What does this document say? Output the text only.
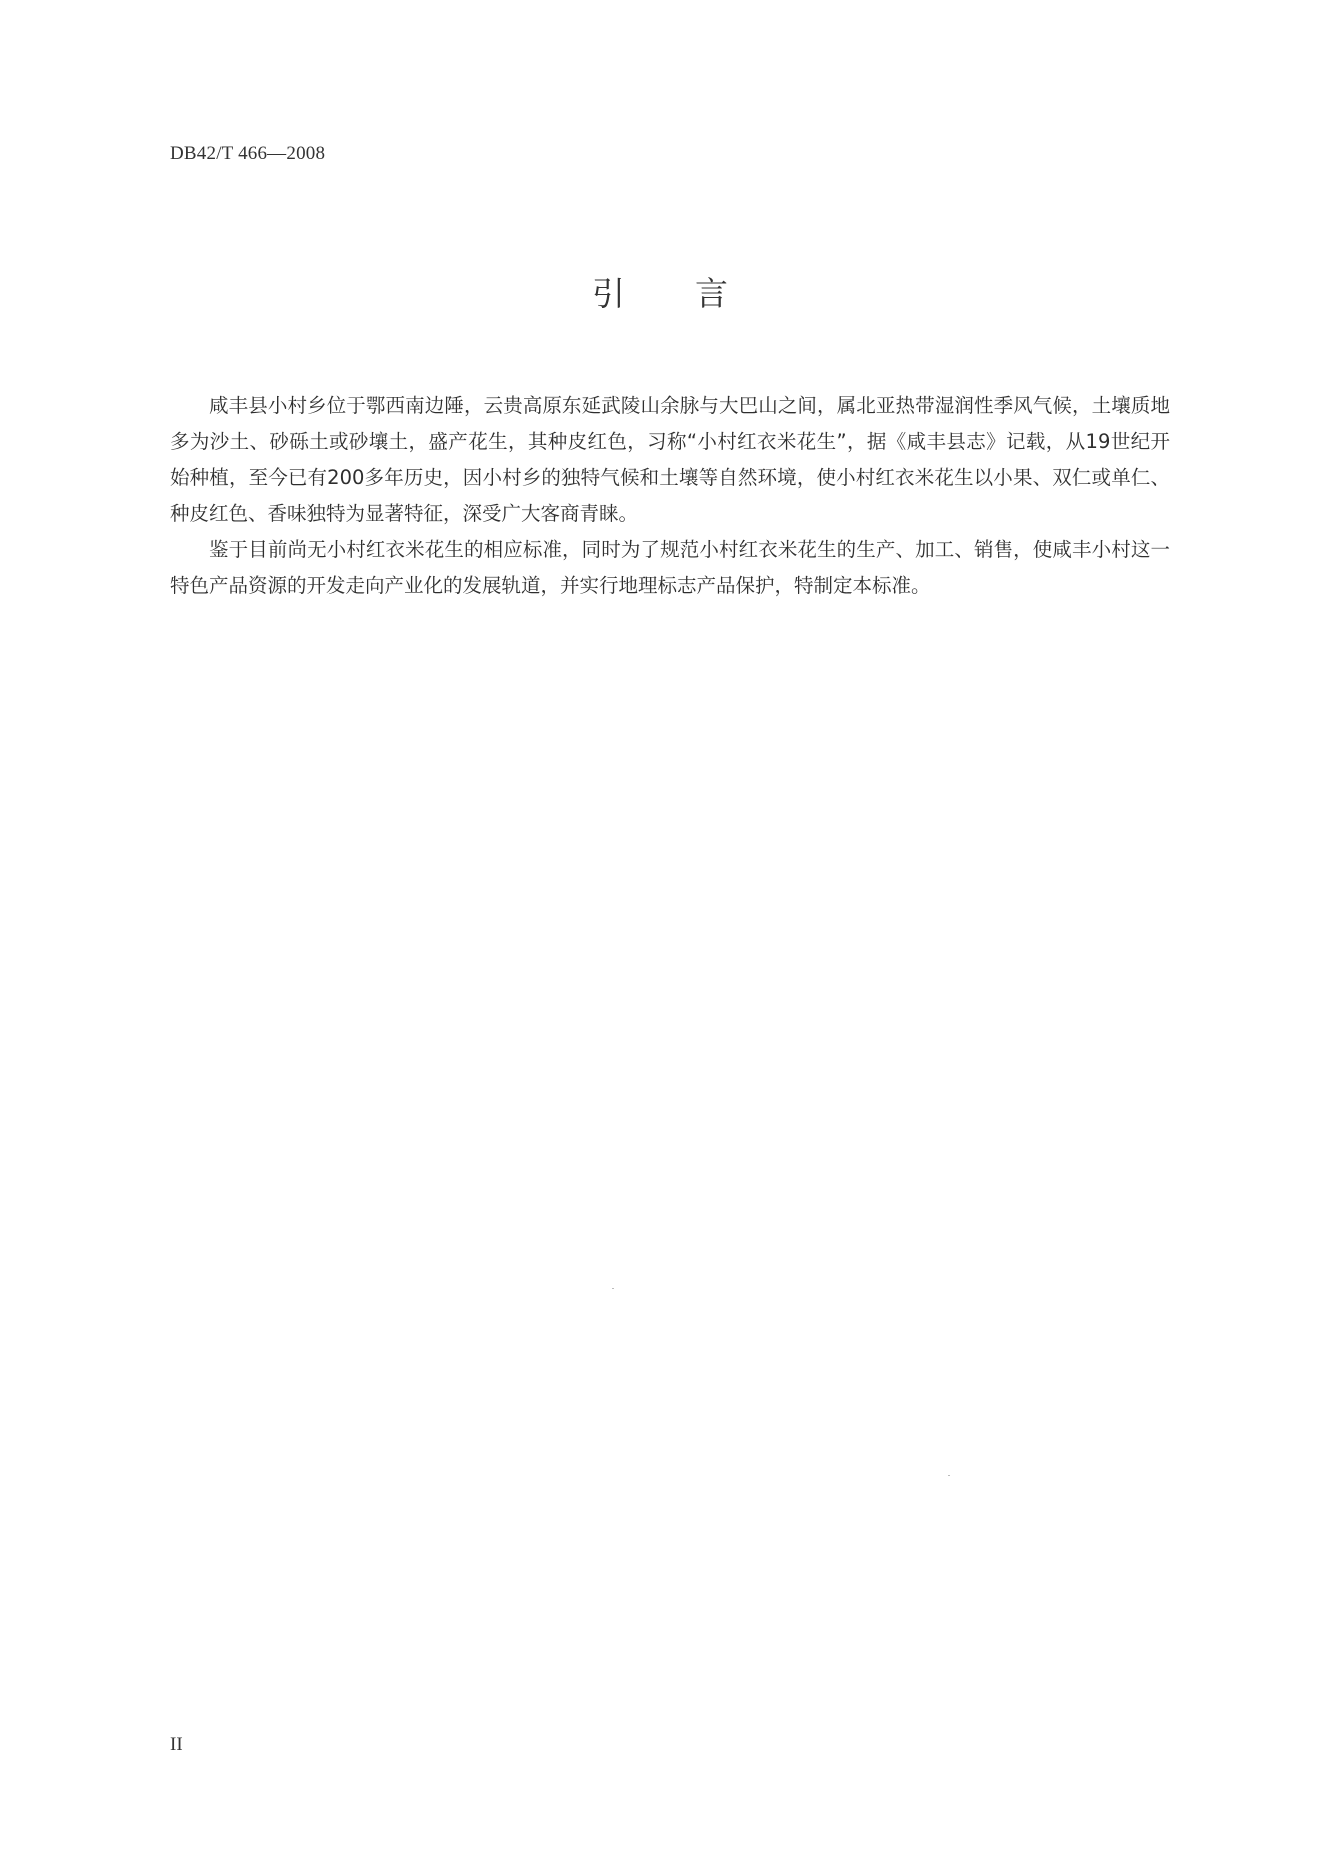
DB42/T 466—2008
引言

咸丰县小村乡位于鄂西南边陲，云贵高原东延武陵山余脉与大巴山之间，属北亚热带湿润性季风气候，土壤质地多为沙土、砂砾土或砂壤土，盛产花生，其种皮红色，习称“小村红衣米花生”，据《咸丰县志》记载，从19世纪开始种植，至今已有200多年历史，因小村乡的独特气候和土壤等自然环境，使小村红衣米花生以小果、双仁或单仁、种皮红色、香味独特为显著特征，深受广大客商青睐。

鉴于目前尚无小村红衣米花生的相应标准，同时为了规范小村红衣米花生的生产、加工、销售，使咸丰小村这一特色产品资源的开发走向产业化的发展轨道，并实行地理标志产品保护，特制定本标准。

II
